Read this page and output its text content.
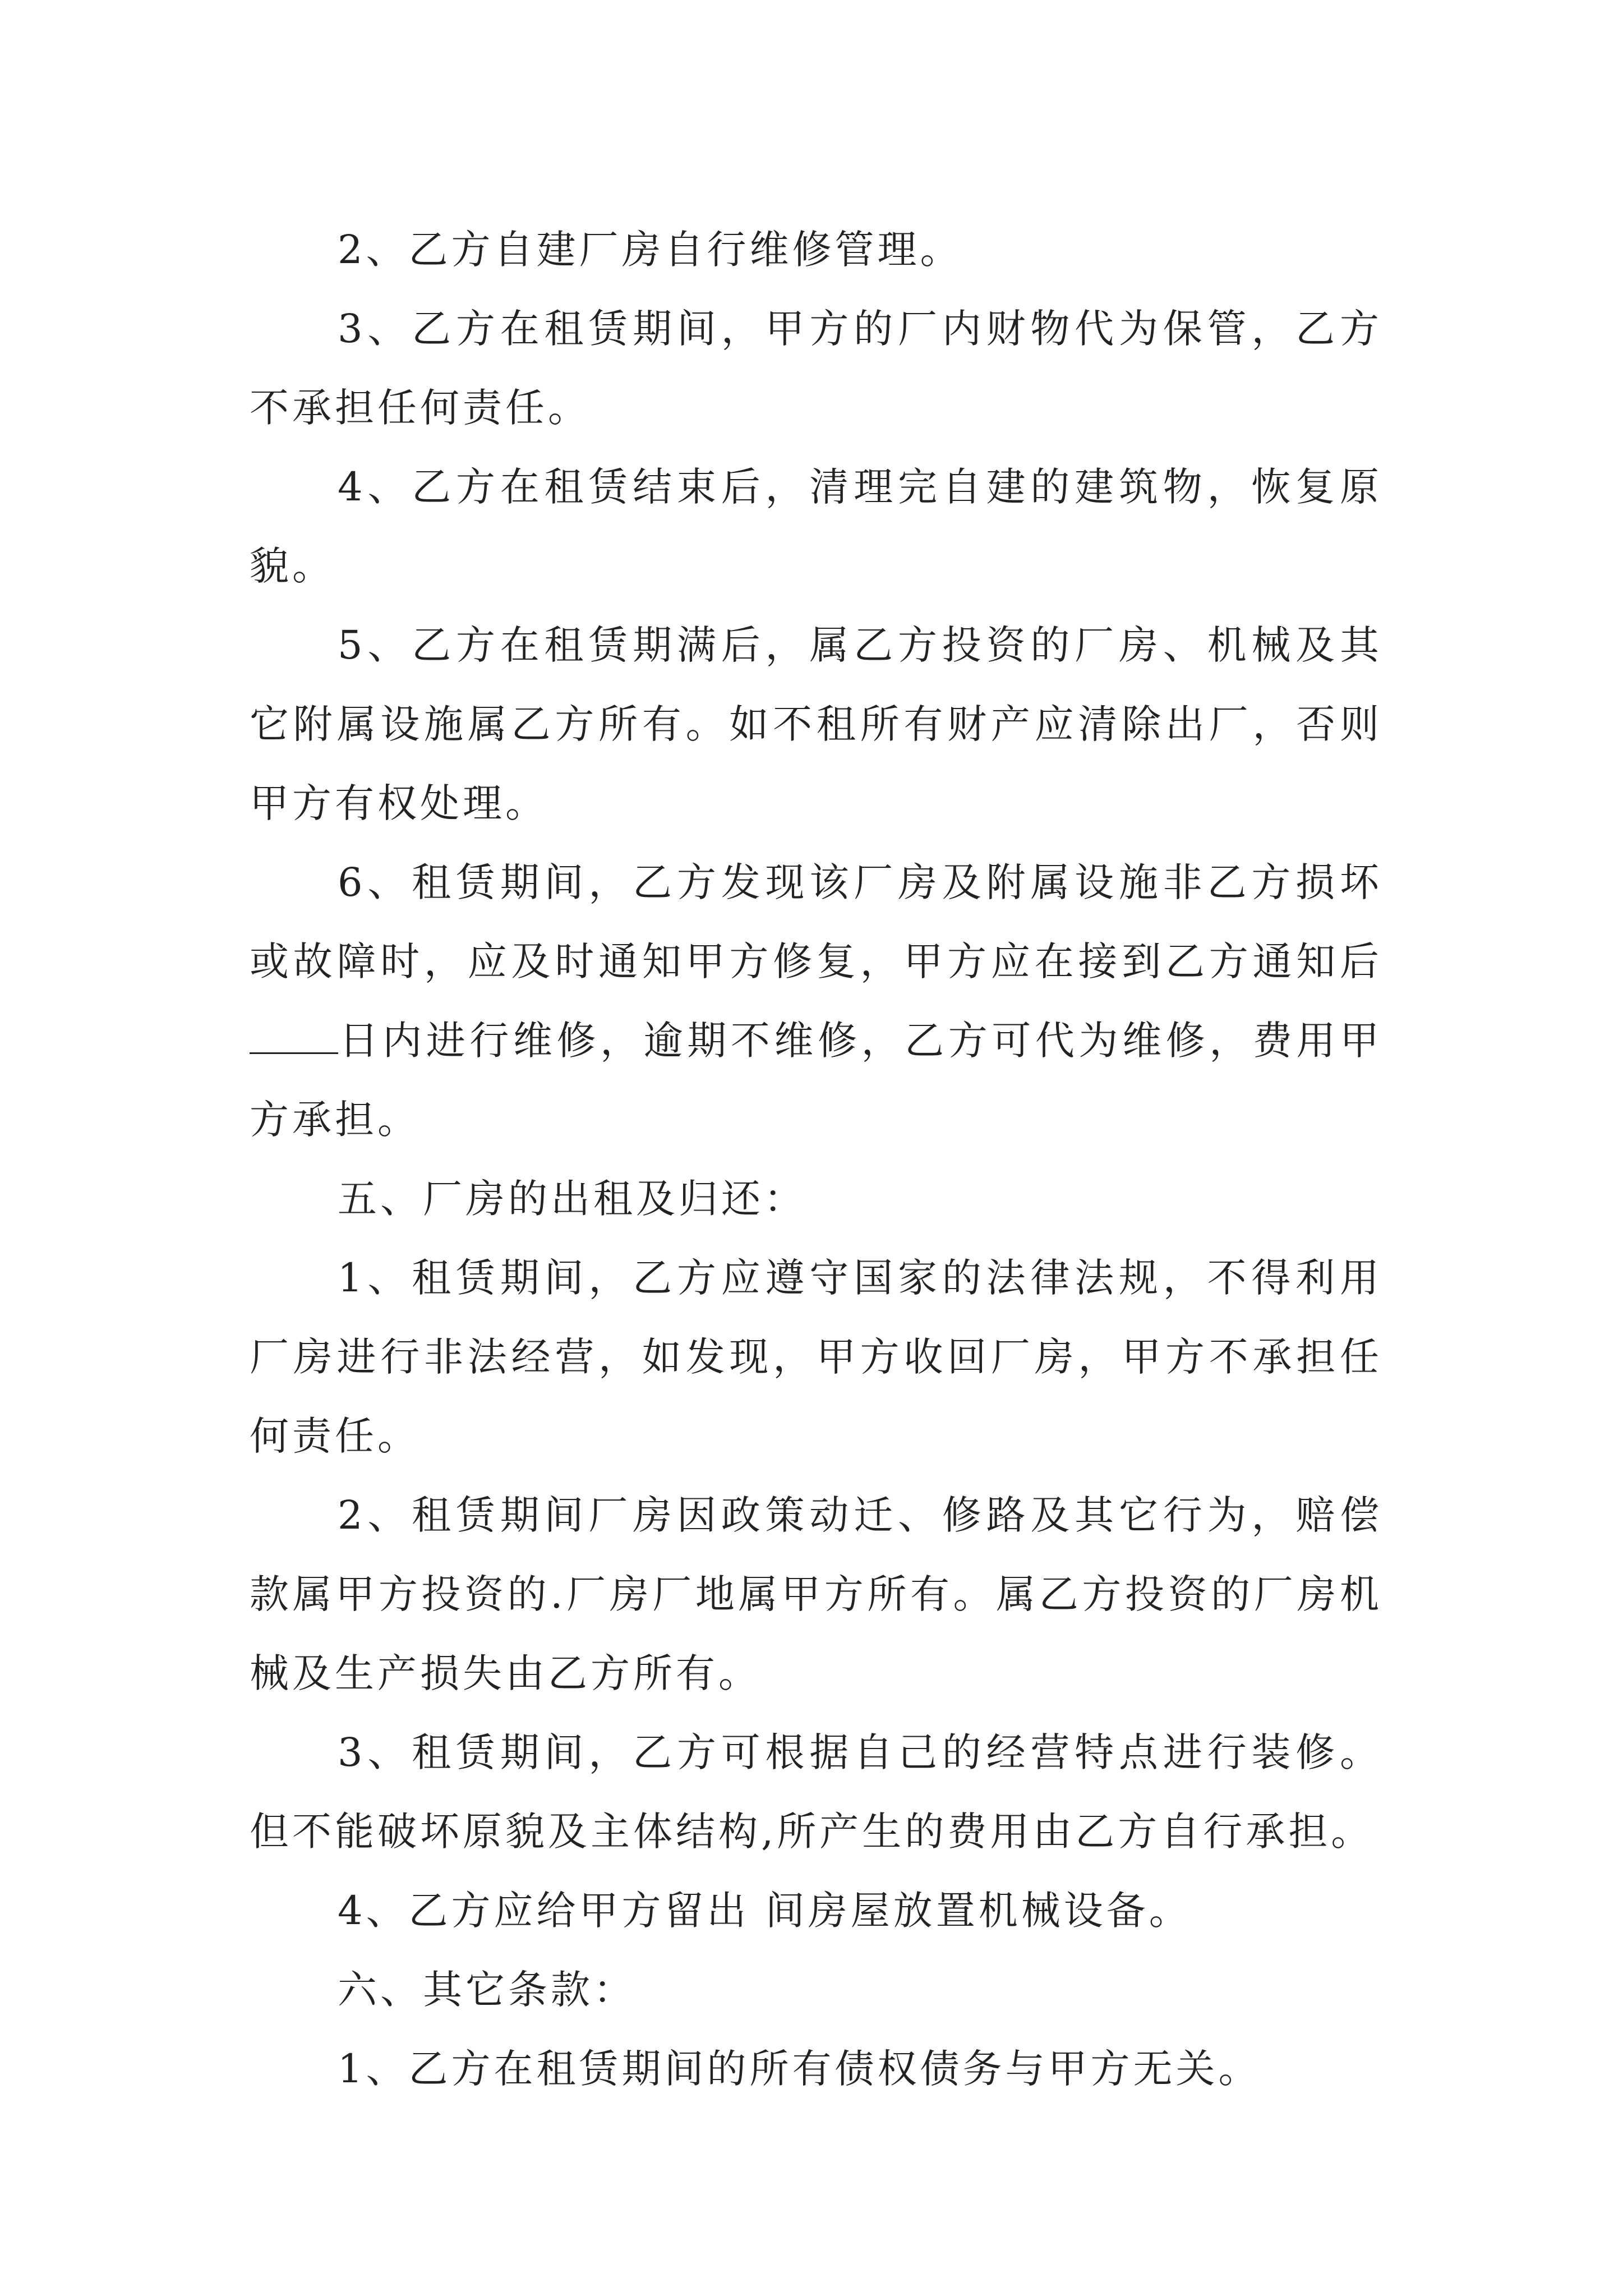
2、乙方自建厂房自行维修管理。

3、乙方在租赁期间，甲方的厂内财物代为保管，乙方不承担任何责任。

4、乙方在租赁结束后，清理完自建的建筑物，恢复原貌。

5、乙方在租赁期满后，属乙方投资的厂房、机械及其它附属设施属乙方所有。如不租所有财产应清除出厂，否则甲方有权处理。

6、租赁期间，乙方发现该厂房及附属设施非乙方损坏或故障时，应及时通知甲方修复，甲方应在接到乙方通知后日内进行维修，逾期不维修，乙方可代为维修，费用甲方承担。

五、厂房的出租及归还：

1、租赁期间，乙方应遵守国家的法律法规，不得利用厂房进行非法经营，如发现，甲方收回厂房，甲方不承担任何责任。

2、租赁期间厂房因政策动迁、修路及其它行为，赔偿款属甲方投资的.厂房厂地属甲方所有。属乙方投资的厂房机械及生产损失由乙方所有。

3、租赁期间，乙方可根据自己的经营特点进行装修。但不能破坏原貌及主体结构,所产生的费用由乙方自行承担。

4、乙方应给甲方留出 间房屋放置机械设备。

六、其它条款：

1、乙方在租赁期间的所有债权债务与甲方无关。
